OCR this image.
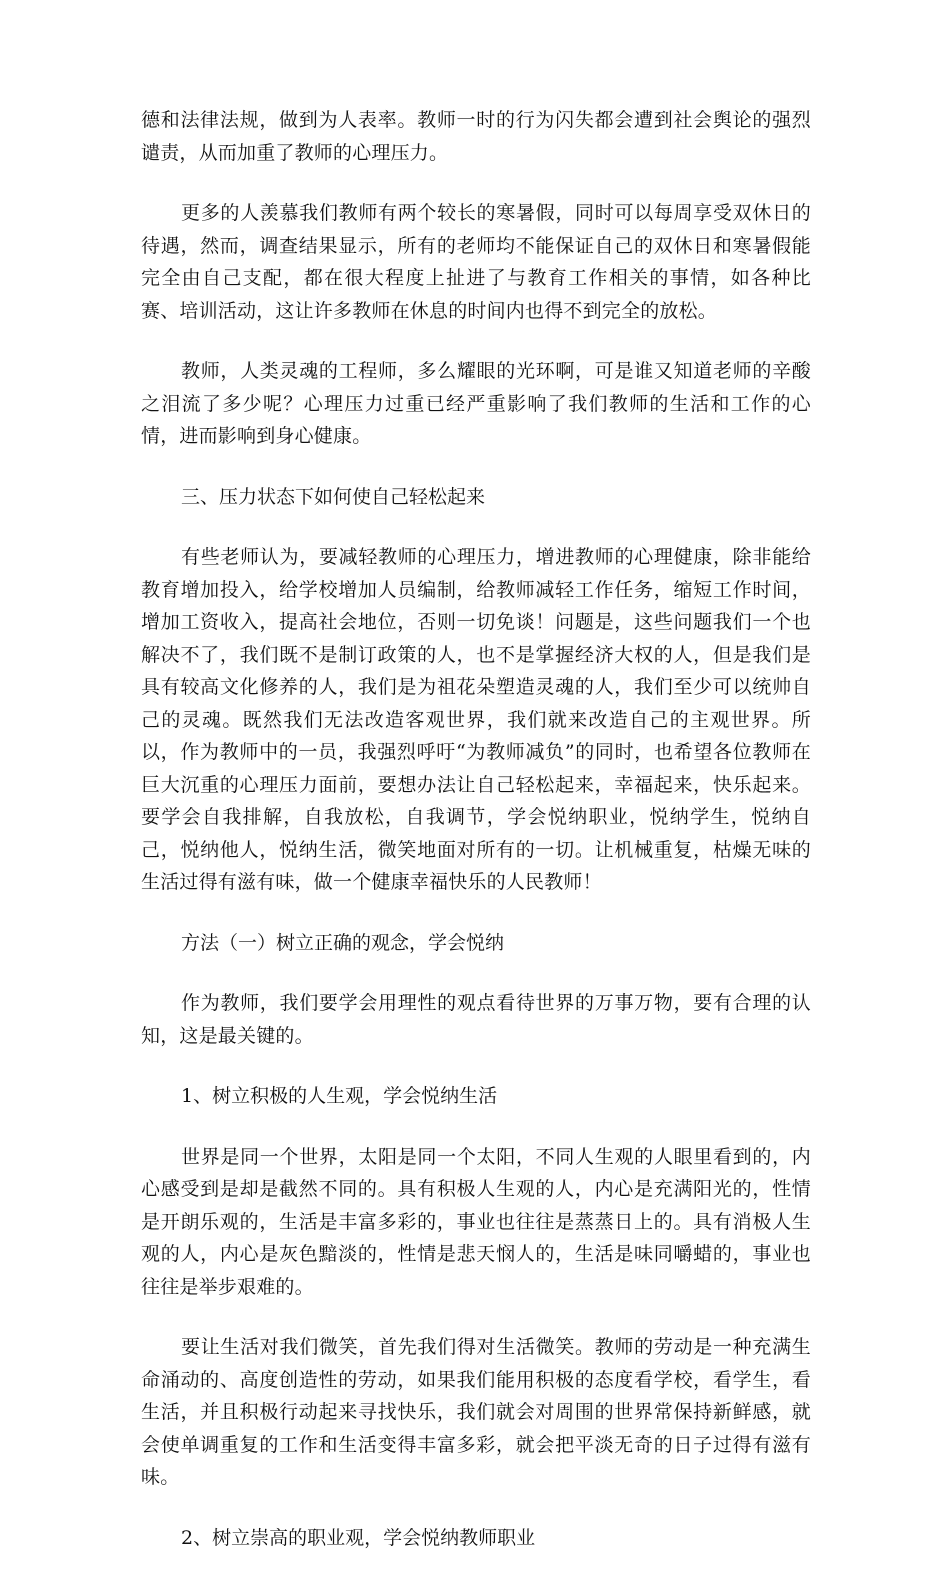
德和法律法规，做到为人表率。教师一时的行为闪失都会遭到社会舆论的强烈谴责，从而加重了教师的心理压力。

更多的人羡慕我们教师有两个较长的寒暑假，同时可以每周享受双休日的待遇，然而，调查结果显示，所有的老师均不能保证自己的双休日和寒暑假能完全由自己支配，都在很大程度上扯进了与教育工作相关的事情，如各种比赛、培训活动，这让许多教师在休息的时间内也得不到完全的放松。

教师，人类灵魂的工程师，多么耀眼的光环啊，可是谁又知道老师的辛酸之泪流了多少呢？心理压力过重已经严重影响了我们教师的生活和工作的心情，进而影响到身心健康。

三、压力状态下如何使自己轻松起来

有些老师认为，要减轻教师的心理压力，增进教师的心理健康，除非能给教育增加投入，给学校增加人员编制，给教师减轻工作任务，缩短工作时间，增加工资收入，提高社会地位，否则一切免谈！问题是，这些问题我们一个也解决不了，我们既不是制订政策的人，也不是掌握经济大权的人，但是我们是具有较高文化修养的人，我们是为祖花朵塑造灵魂的人，我们至少可以统帅自己的灵魂。既然我们无法改造客观世界，我们就来改造自己的主观世界。所以，作为教师中的一员，我强烈呼吁“为教师减负”的同时，也希望各位教师在巨大沉重的心理压力面前，要想办法让自己轻松起来，幸福起来，快乐起来。要学会自我排解，自我放松，自我调节，学会悦纳职业，悦纳学生，悦纳自己，悦纳他人，悦纳生活，微笑地面对所有的一切。让机械重复，枯燥无味的生活过得有滋有味，做一个健康幸福快乐的人民教师！

方法（一）树立正确的观念，学会悦纳

作为教师，我们要学会用理性的观点看待世界的万事万物，要有合理的认知，这是最关键的。

1、树立积极的人生观，学会悦纳生活

世界是同一个世界，太阳是同一个太阳，不同人生观的人眼里看到的，内心感受到是却是截然不同的。具有积极人生观的人，内心是充满阳光的，性情是开朗乐观的，生活是丰富多彩的，事业也往往是蒸蒸日上的。具有消极人生观的人，内心是灰色黯淡的，性情是悲天悯人的，生活是味同嚼蜡的，事业也往往是举步艰难的。

要让生活对我们微笑，首先我们得对生活微笑。教师的劳动是一种充满生命涌动的、高度创造性的劳动，如果我们能用积极的态度看学校，看学生，看生活，并且积极行动起来寻找快乐，我们就会对周围的世界常保持新鲜感，就会使单调重复的工作和生活变得丰富多彩，就会把平淡无奇的日子过得有滋有味。

2、树立崇高的职业观，学会悦纳教师职业
